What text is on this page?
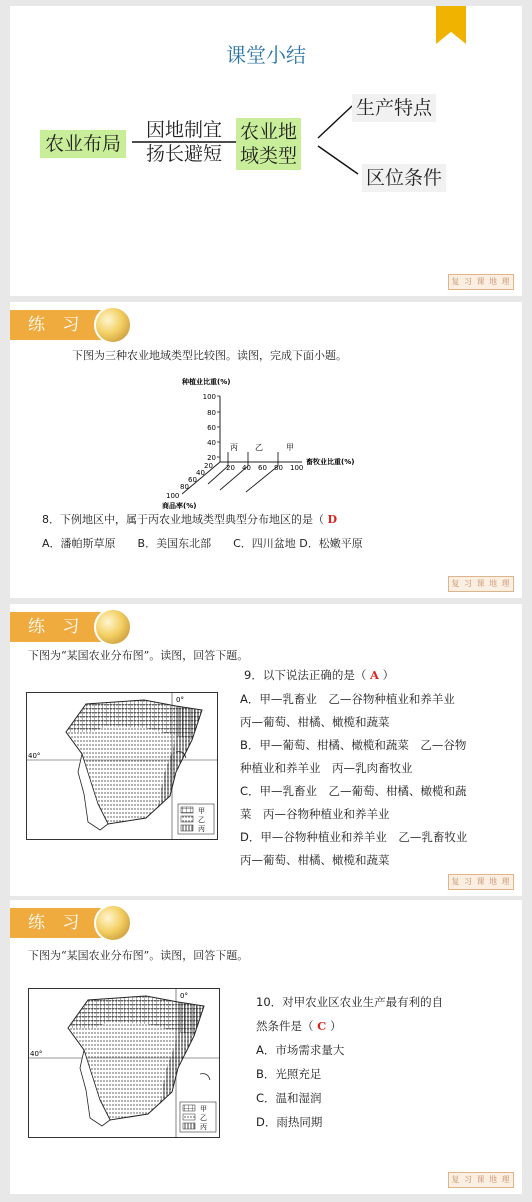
课堂小结
农业布局
因地制宜
扬长避短
农业地
域类型
生产特点
区位条件
复 习 课 地 理
练 习
下图为三种农业地域类型比较图。读图，完成下面小题。
种植业比重(%)
100
80
60
40
20
20 40 60 80 100
畜牧业比重(%)
20
40
60
80
100
商品率(%)
丙 乙	甲
8．下例地区中，属于丙农业地域类型典型分布地区的是（ D
A．潘帕斯草原　　B．美国东北部　　C．四川盆地 D．松嫩平原
复 习 课 地 理
练 习
下图为“某国农业分布图”。读图，回答下题。
0°
40°
甲
乙
丙
9．以下说法正确的是（ A ）
A．甲—乳畜业　乙—谷物种植业和养羊业
丙—葡萄、柑橘、橄榄和蔬菜
B．甲—葡萄、柑橘、橄榄和蔬菜　乙—谷物
种植业和养羊业　丙—乳肉畜牧业
C．甲—乳畜业　乙—葡萄、柑橘、橄榄和蔬
菜　丙—谷物种植业和养羊业
D．甲—谷物种植业和养羊业　乙—乳畜牧业
丙—葡萄、柑橘、橄榄和蔬菜
复 习 课 地 理
练 习
下图为“某国农业分布图”。读图，回答下题。
0°
40°
甲
乙
丙
10．对甲农业区农业生产最有利的自
然条件是（ C ）
A．市场需求量大
B．光照充足
C．温和湿润
D．雨热同期
复 习 课 地 理
